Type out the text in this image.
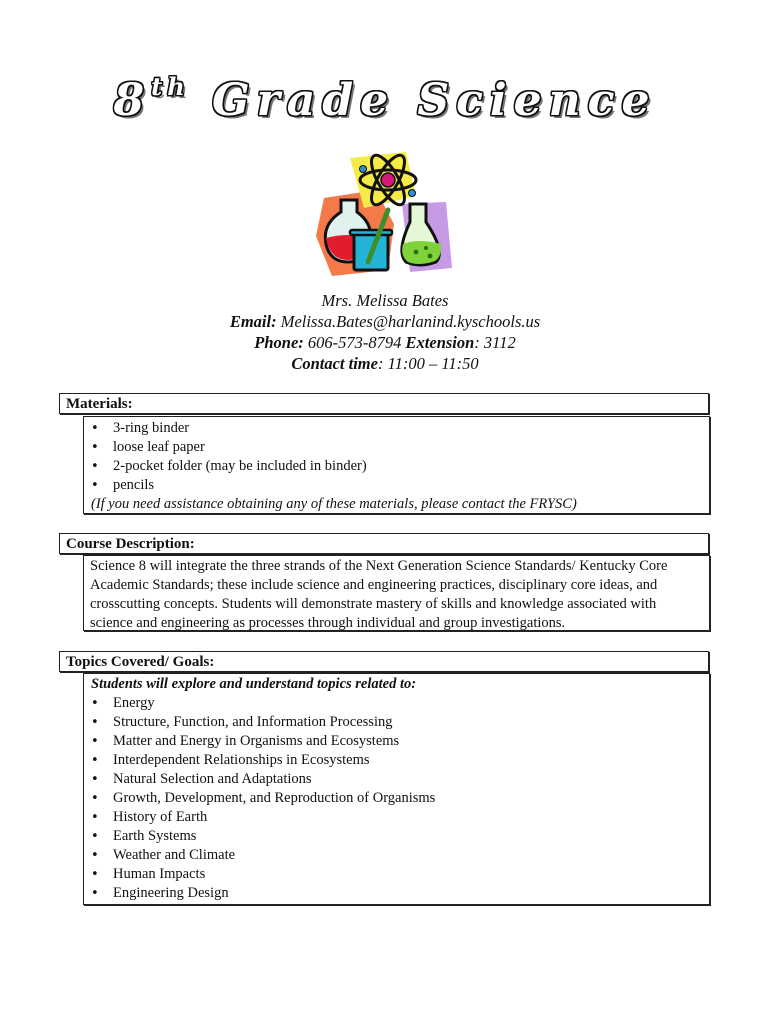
8th Grade Science
Mrs. Melissa Bates
Email: Melissa.Bates@harlanind.kyschools.us
Phone: 606-573-8794 Extension: 3112
Contact time: 11:00 – 11:50
Materials:
• 3-ring binder
• loose leaf paper
• 2-pocket folder (may be included in binder)
• pencils
(If you need assistance obtaining any of these materials, please contact the FRYSC)
Course Description:
Science 8 will integrate the three strands of the Next Generation Science Standards/ Kentucky Core Academic Standards; these include science and engineering practices, disciplinary core ideas, and crosscutting concepts. Students will demonstrate mastery of skills and knowledge associated with science and engineering as processes through individual and group investigations.
Topics Covered/ Goals:
Students will explore and understand topics related to:
• Energy
• Structure, Function, and Information Processing
• Matter and Energy in Organisms and Ecosystems
• Interdependent Relationships in Ecosystems
• Natural Selection and Adaptations
• Growth, Development, and Reproduction of Organisms
• History of Earth
• Earth Systems
• Weather and Climate
• Human Impacts
• Engineering Design
